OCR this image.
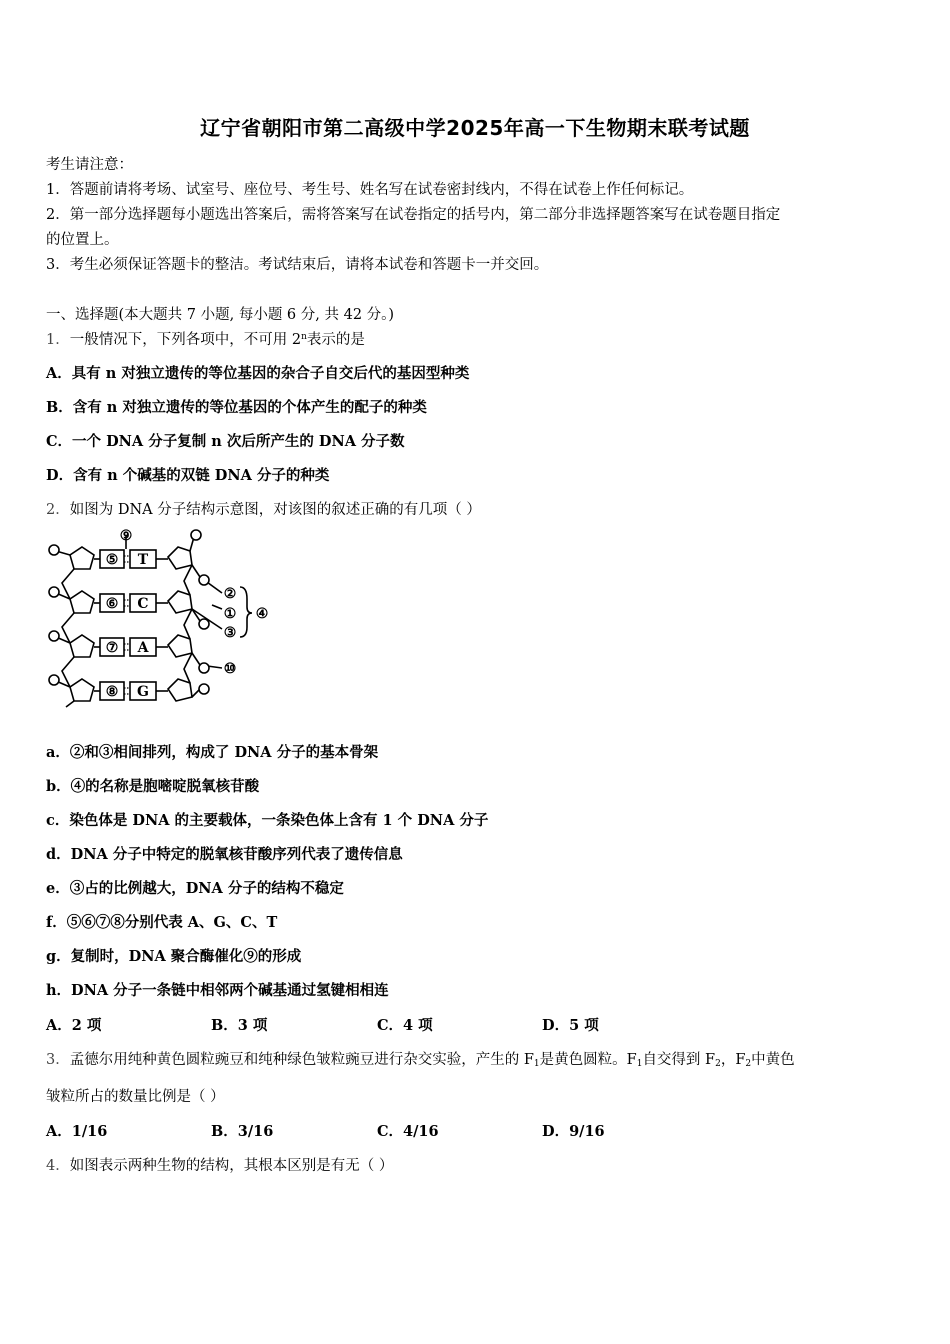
辽宁省朝阳市第二高级中学2025年高一下生物期末联考试题
考生请注意：
1．答题前请将考场、试室号、座位号、考生号、姓名写在试卷密封线内，不得在试卷上作任何标记。
2．第一部分选择题每小题选出答案后，需将答案写在试卷指定的括号内，第二部分非选择题答案写在试卷题目指定
的位置上。
3．考生必须保证答题卡的整洁。考试结束后，请将本试卷和答题卡一并交回。
一、选择题(本大题共 7 小题, 每小题 6 分, 共 42 分。)
1．一般情况下，下列各项中，不可用 2$^n$表示的是
A．具有 n 对独立遗传的等位基因的杂合子自交后代的基因型种类
B．含有 n 对独立遗传的等位基因的个体产生的配子的种类
C．一个 DNA 分子复制 n 次后所产生的 DNA 分子数
D．含有 n 个碱基的双链 DNA 分子的种类
2．如图为 DNA 分子结构示意图，对该图的叙述正确的有几项（ ）
⑤
⑥
⑦
⑧
T
C
A
G
⑨
②
①
③
④
⑩
a．②和③相间排列，构成了 DNA 分子的基本骨架
b．④的名称是胞嘧啶脱氧核苷酸
c．染色体是 DNA 的主要载体，一条染色体上含有 1 个 DNA 分子
d．DNA 分子中特定的脱氧核苷酸序列代表了遗传信息
e．③占的比例越大，DNA 分子的结构不稳定
f．⑤⑥⑦⑧分别代表 A、G、C、T
g．复制时，DNA 聚合酶催化⑨的形成
h．DNA 分子一条链中相邻两个碱基通过氢键相相连
A．2 项	B．3 项	C．4 项	D．5 项
3．孟德尔用纯种黄色圆粒豌豆和纯种绿色皱粒豌豆进行杂交实验，产生的 $F_1$是黄色圆粒。$F_1$自交得到 $F_2$，$F_2$中黄色
皱粒所占的数量比例是（ ）
A．1/16	B．3/16	C．4/16	D．9/16
4．如图表示两种生物的结构，其根本区别是有无（ ）
